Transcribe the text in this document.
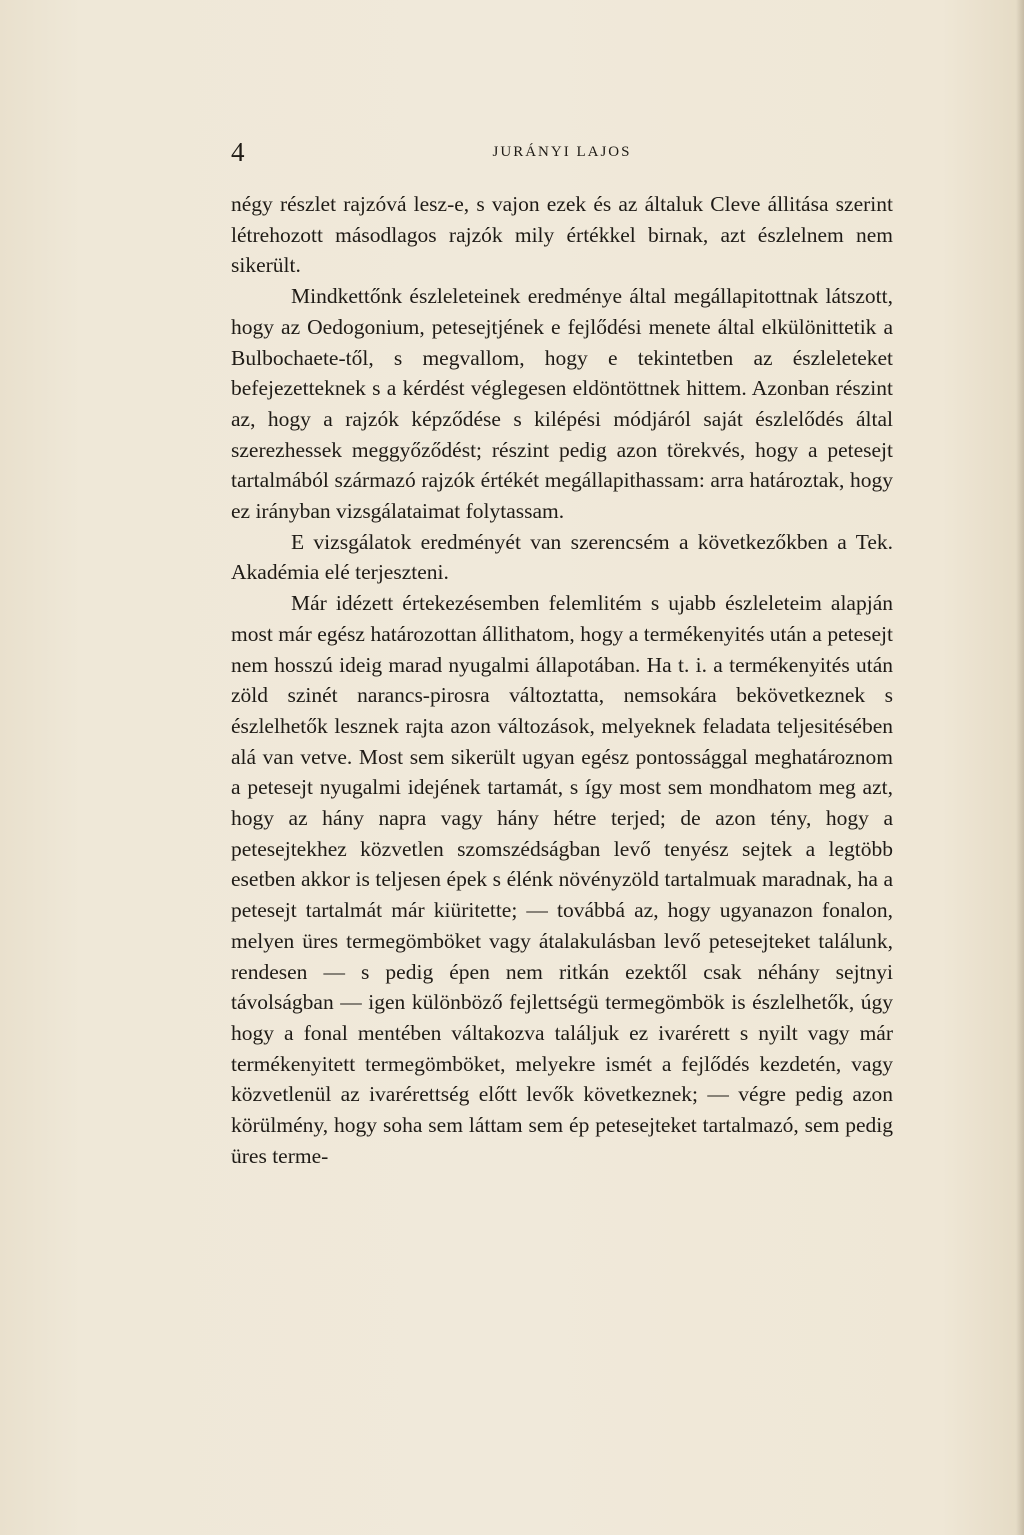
4	JURÁNYI LAJOS

négy részlet rajzóvá lesz-e, s vajon ezek és az általuk Cleve állitása szerint létrehozott másodlagos rajzók mily értékkel birnak, azt észlelnem nem sikerült.

Mindkettőnk észleleteinek eredménye által megállapitottnak látszott, hogy az Oedogonium, petesejtjének e fejlődési menete által elkülönittetik a Bulbochaete-től, s megvallom, hogy e tekintetben az észleleteket befejezetteknek s a kérdést véglegesen eldöntöttnek hittem. Azonban részint az, hogy a rajzók képződése s kilépési módjáról saját észlelődés által szerezhessek meggyőződést; részint pedig azon törekvés, hogy a petesejt tartalmából származó rajzók értékét megállapithassam: arra határoztak, hogy ez irányban vizsgálataimat folytassam.

E vizsgálatok eredményét van szerencsém a következőkben a Tek. Akadémia elé terjeszteni.

Már idézett értekezésemben felemlitém s ujabb észleleteim alapján most már egész határozottan állithatom, hogy a termékenyités után a petesejt nem hosszú ideig marad nyugalmi állapotában. Ha t. i. a termékenyités után zöld szinét narancs-pirosra változtatta, nemsokára bekövetkeznek s észlelhetők lesznek rajta azon változások, melyeknek feladata teljesitésében alá van vetve. Most sem sikerült ugyan egész pontossággal meghatároznom a petesejt nyugalmi idejének tartamát, s így most sem mondhatom meg azt, hogy az hány napra vagy hány hétre terjed; de azon tény, hogy a petesejtekhez közvetlen szomszédságban levő tenyész sejtek a legtöbb esetben akkor is teljesen épek s élénk növényzöld tartalmuak maradnak, ha a petesejt tartalmát már kiüritette; — továbbá az, hogy ugyanazon fonalon, melyen üres termegömböket vagy átalakulásban levő petesejteket találunk, rendesen — s pedig épen nem ritkán ezektől csak néhány sejtnyi távolságban — igen különböző fejlettségü termegömbök is észlelhetők, úgy hogy a fonal mentében váltakozva találjuk ez ivarérett s nyilt vagy már termékenyitett termegömböket, melyekre ismét a fejlődés kezdetén, vagy közvetlenül az ivarérettség előtt levők következnek; — végre pedig azon körülmény, hogy soha sem láttam sem ép petesejteket tartalmazó, sem pedig üres terme-
